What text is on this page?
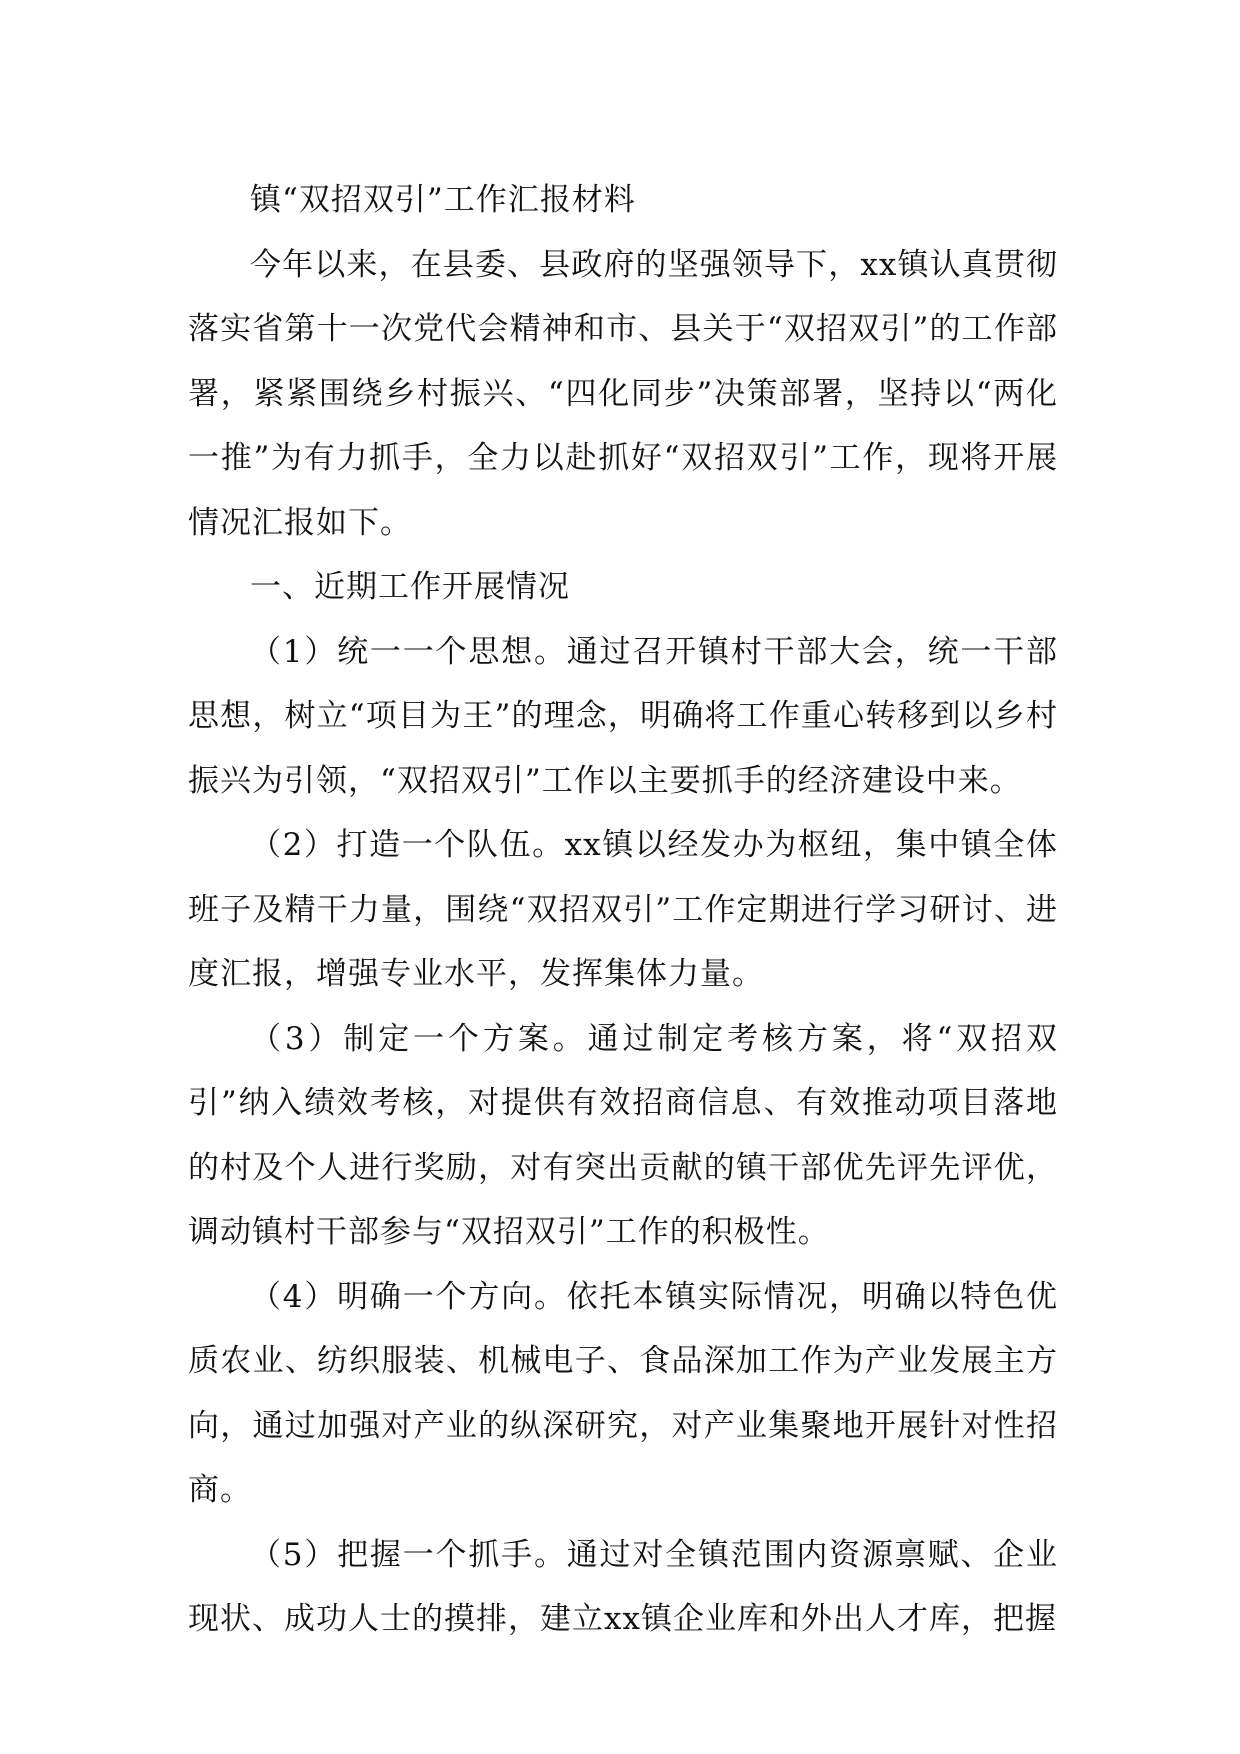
镇“双招双引”工作汇报材料

今年以来，在县委、县政府的坚强领导下，xx镇认真贯彻落实省第十一次党代会精神和市、县关于“双招双引”的工作部署，紧紧围绕乡村振兴、“四化同步”决策部署，坚持以“两化一推”为有力抓手，全力以赴抓好“双招双引”工作，现将开展情况汇报如下。

一、近期工作开展情况

（1）统一一个思想。通过召开镇村干部大会，统一干部思想，树立“项目为王”的理念，明确将工作重心转移到以乡村振兴为引领，“双招双引”工作以主要抓手的经济建设中来。

（2）打造一个队伍。xx镇以经发办为枢纽，集中镇全体班子及精干力量，围绕“双招双引”工作定期进行学习研讨、进度汇报，增强专业水平，发挥集体力量。

（3）制定一个方案。通过制定考核方案，将“双招双引”纳入绩效考核，对提供有效招商信息、有效推动项目落地的村及个人进行奖励，对有突出贡献的镇干部优先评先评优，调动镇村干部参与“双招双引”工作的积极性。

（4）明确一个方向。依托本镇实际情况，明确以特色优质农业、纺织服装、机械电子、食品深加工作为产业发展主方向，通过加强对产业的纵深研究，对产业集聚地开展针对性招商。

（5）把握一个抓手。通过对全镇范围内资源禀赋、企业现状、成功人士的摸排，建立xx镇企业库和外出人才库，把握
